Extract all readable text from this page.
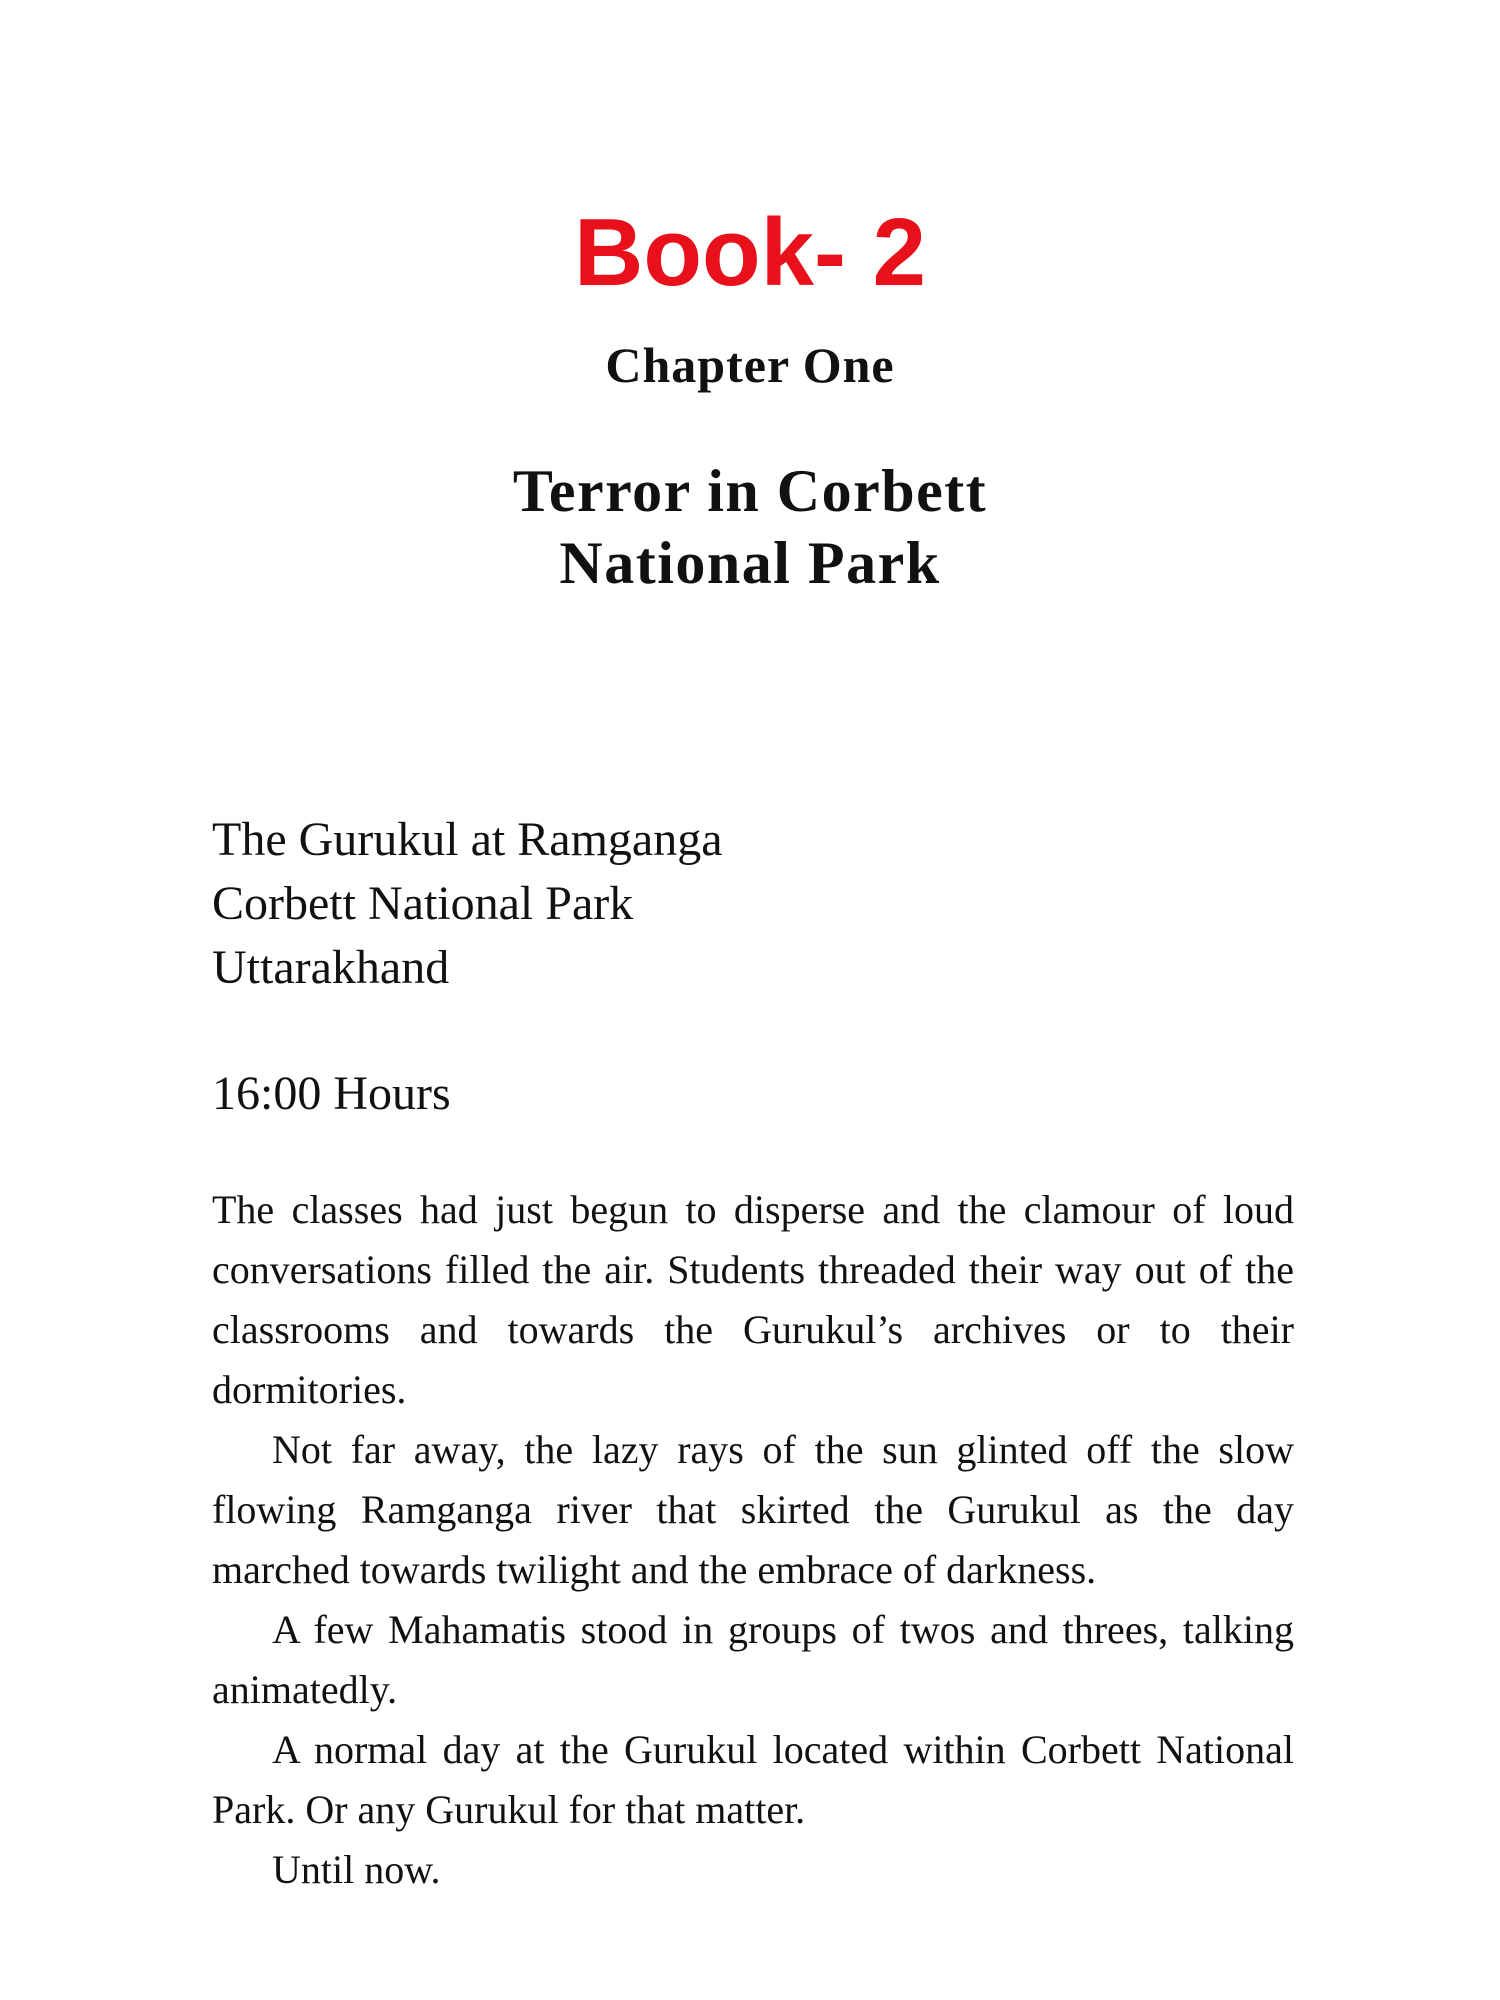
Book- 2
Chapter One
Terror in Corbett
National Park
The Gurukul at Ramganga
Corbett National Park
Uttarakhand
16:00 Hours

The classes had just begun to disperse and the clamour of loud conversations filled the air. Students threaded their way out of the classrooms and towards the Gurukul’s archives or to their dormitories.

Not far away, the lazy rays of the sun glinted off the slow flowing Ramganga river that skirted the Gurukul as the day marched towards twilight and the embrace of darkness.

A few Mahamatis stood in groups of twos and threes, talking animatedly.

A normal day at the Gurukul located within Corbett National Park. Or any Gurukul for that matter.

Until now.
